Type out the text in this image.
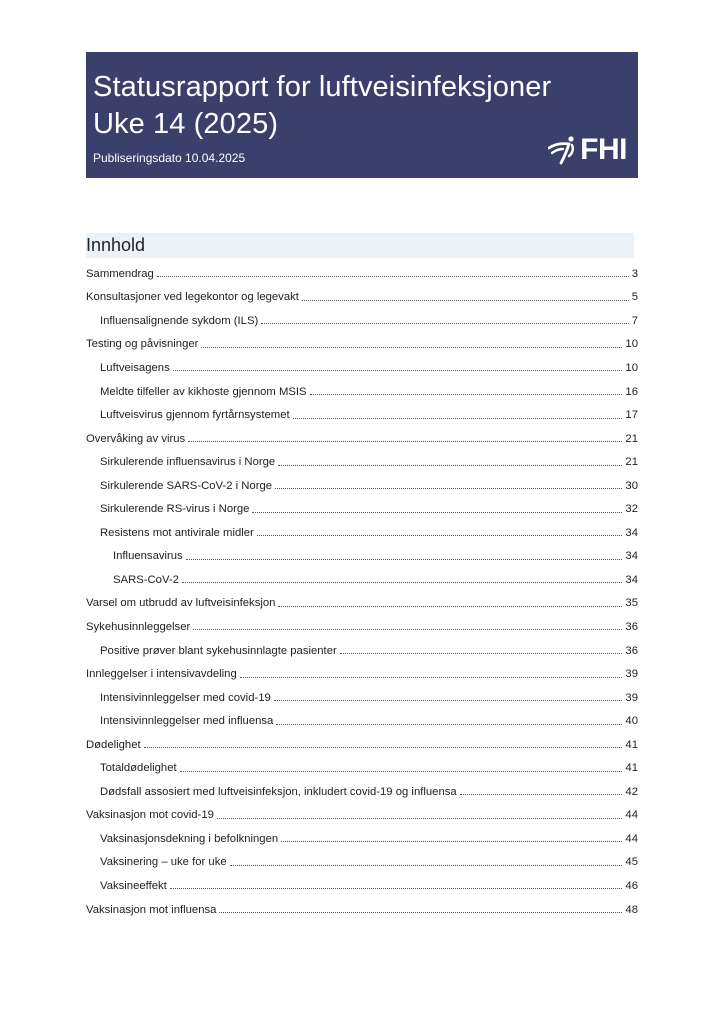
Statusrapport for luftveisinfeksjoner
Uke 14 (2025)
Publiseringsdato 10.04.2025	FHI
Innhold
Sammendrag	3
Konsultasjoner ved legekontor og legevakt	5
Influensalignende sykdom (ILS)	7
Testing og påvisninger	10
Luftveisagens	10
Meldte tilfeller av kikhoste gjennom MSIS	16
Luftveisvirus gjennom fyrtårnsystemet	17
Overvåking av virus	21
Sirkulerende influensavirus i Norge	21
Sirkulerende SARS-CoV-2 i Norge	30
Sirkulerende RS-virus i Norge	32
Resistens mot antivirale midler	34
Influensavirus	34
SARS-CoV-2	34
Varsel om utbrudd av luftveisinfeksjon	35
Sykehusinnleggelser	36
Positive prøver blant sykehusinnlagte pasienter	36
Innleggelser i intensivavdeling	39
Intensivinnleggelser med covid-19	39
Intensivinnleggelser med influensa	40
Dødelighet	41
Totaldødelighet	41
Dødsfall assosiert med luftveisinfeksjon, inkludert covid-19 og influensa	42
Vaksinasjon mot covid-19	44
Vaksinasjonsdekning i befolkningen	44
Vaksinering – uke for uke	45
Vaksineeffekt	46
Vaksinasjon mot influensa	48
